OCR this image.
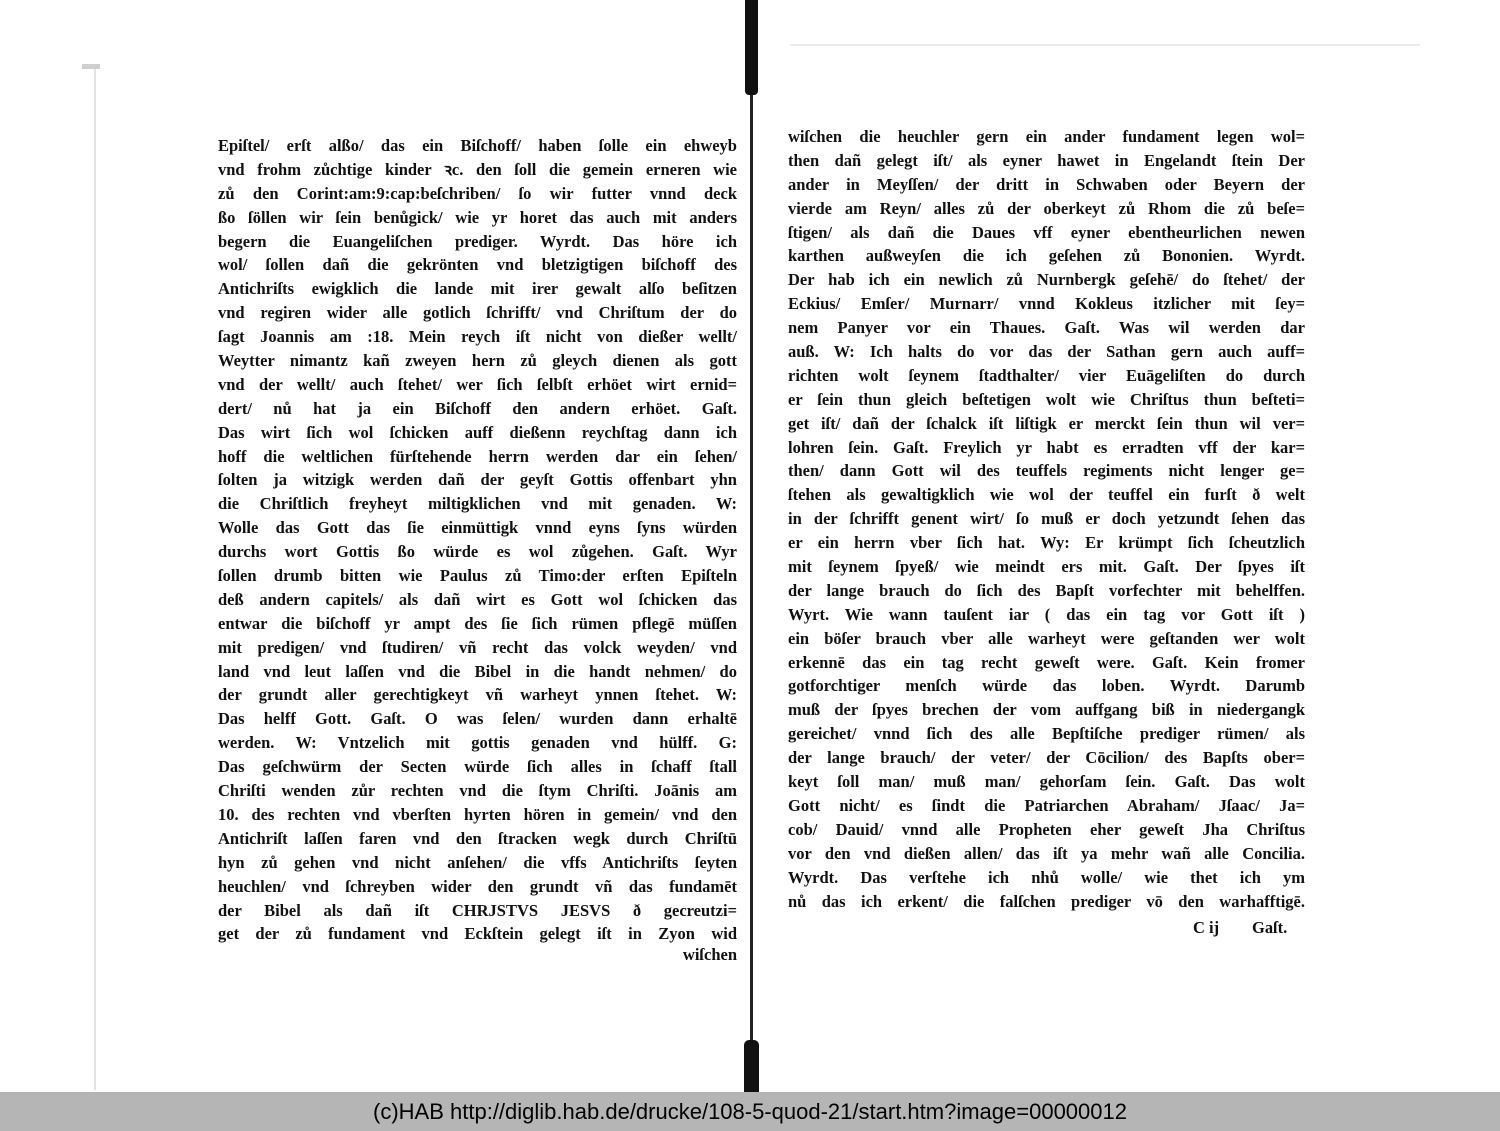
Epiſtel/ erſt alßo/ das ein Biſchoff/ haben ſolle ein ehweyb
vnd frohm zůchtige kinder ꝛc. den ſoll die gemein erneren wie
zů den Corint:am:9:cap:beſchriben/ ſo wir futter vnnd deck
ßo ſöllen wir ſein benůgick/ wie yr horet das auch mit anders
begern die Euangeliſchen prediger. Wyrdt. Das höre ich
wol/ ſollen dañ die gekrönten vnd bletzigtigen biſchoff des
Antichriſts ewigklich die lande mit irer gewalt alſo beſitzen
vnd regiren wider alle gotlich ſchrifft/ vnd Chriſtum der do
ſagt Joannis am :18. Mein reych iſt nicht von dießer wellt/
Weytter nimantz kañ zweyen hern zů gleych dienen als gott
vnd der wellt/ auch ſtehet/ wer ſich ſelbſt erhöet wirt ernid=
dert/ nů hat ja ein Biſchoff den andern erhöet. Gaſt.
Das wirt ſich wol ſchicken auff dießenn reychſtag dann ich
hoff die weltlichen fürſtehende herrn werden dar ein ſehen/
ſolten ja witzigk werden dañ der geyſt Gottis offenbart yhn
die Chriſtlich freyheyt miltigklichen vnd mit genaden. W:
Wolle das Gott das ſie einmüttigk vnnd eyns ſyns würden
durchs wort Gottis ßo würde es wol zůgehen. Gaſt. Wyr
ſollen drumb bitten wie Paulus zů Timo:der erſten Epiſteln
deß andern capitels/ als dañ wirt es Gott wol ſchicken das
entwar die biſchoff yr ampt des ſie ſich rümen pflegē müſſen
mit predigen/ vnd ſtudiren/ vñ recht das volck weyden/ vnd
land vnd leut laſſen vnd die Bibel in die handt nehmen/ do
der grundt aller gerechtigkeyt vñ warheyt ynnen ſtehet. W:
Das helff Gott. Gaſt. O was ſelen/ wurden dann erhaltē
werden. W: Vntzelich mit gottis genaden vnd hülff. G:
Das geſchwürm der Secten würde ſich alles in ſchaff ſtall
Chriſti wenden zůr rechten vnd die ſtym Chriſti. Joānis am
10. des rechten vnd vberſten hyrten hören in gemein/ vnd den
Antichriſt laſſen faren vnd den ſtracken wegk durch Chriſtū
hyn zů gehen vnd nicht anſehen/ die vffs Antichriſts ſeyten
heuchlen/ vnd ſchreyben wider den grundt vñ das fundamēt
der Bibel als dañ iſt CHRJSTVS JESVS ð gecreutzi=
get der zů fundament vnd Eckſtein gelegt iſt in Zyon wid
wiſchen
wiſchen die heuchler gern ein ander fundament legen wol=
then dañ gelegt iſt/ als eyner hawet in Engelandt ſtein Der
ander in Meyſſen/ der dritt in Schwaben oder Beyern der
vierde am Reyn/ alles zů der oberkeyt zů Rhom die zů beſe=
ſtigen/ als dañ die Daues vff eyner ebentheurlichen newen
karthen außweyſen die ich geſehen zů Bononien. Wyrdt.
Der hab ich ein newlich zů Nurnbergk geſehē/ do ſtehet/ der
Eckius/ Emſer/ Murnarr/ vnnd Kokleus itzlicher mit ſey=
nem Panyer vor ein Thaues. Gaſt. Was wil werden dar
auß. W: Ich halts do vor das der Sathan gern auch auff=
richten wolt ſeynem ſtadthalter/ vier Euāgeliſten do durch
er ſein thun gleich beſtetigen wolt wie Chriſtus thun beſteti=
get iſt/ dañ der ſchalck iſt liſtigk er merckt ſein thun wil ver=
lohren ſein. Gaſt. Freylich yr habt es erradten vff der kar=
then/ dann Gott wil des teuffels regiments nicht lenger ge=
ſtehen als gewaltigklich wie wol der teuffel ein furſt ð welt
in der ſchrifft genent wirt/ ſo muß er doch yetzundt ſehen das
er ein herrn vber ſich hat. Wy: Er krümpt ſich ſcheutzlich
mit ſeynem ſpyeß/ wie meindt ers mit. Gaſt. Der ſpyes iſt
der lange brauch do ſich des Bapſt vorfechter mit behelffen.
Wyrt. Wie wann tauſent iar ( das ein tag vor Gott iſt )
ein böſer brauch vber alle warheyt were geſtanden wer wolt
erkennē das ein tag recht geweſt were. Gaſt. Kein fromer
gotforchtiger menſch würde das loben. Wyrdt. Darumb
muß der ſpyes brechen der vom auffgang biß in niedergangk
gereichet/ vnnd ſich des alle Bepſtiſche prediger rümen/ als
der lange brauch/ der veter/ der Cōcilion/ des Bapſts ober=
keyt ſoll man/ muß man/ gehorſam ſein. Gaſt. Das wolt
Gott nicht/ es ſindt die Patriarchen Abraham/ Jſaac/ Ja=
cob/ Dauid/ vnnd alle Propheten eher geweſt Jha Chriſtus
vor den vnd dießen allen/ das iſt ya mehr wañ alle Concilia.
Wyrdt. Das verſtehe ich nhů wolle/ wie thet ich ym
nů das ich erkent/ die falſchen prediger vō den warhafftigē.
C ij Gaſt.
(c)HAB http://diglib.hab.de/drucke/108-5-quod-21/start.htm?image=00000012
